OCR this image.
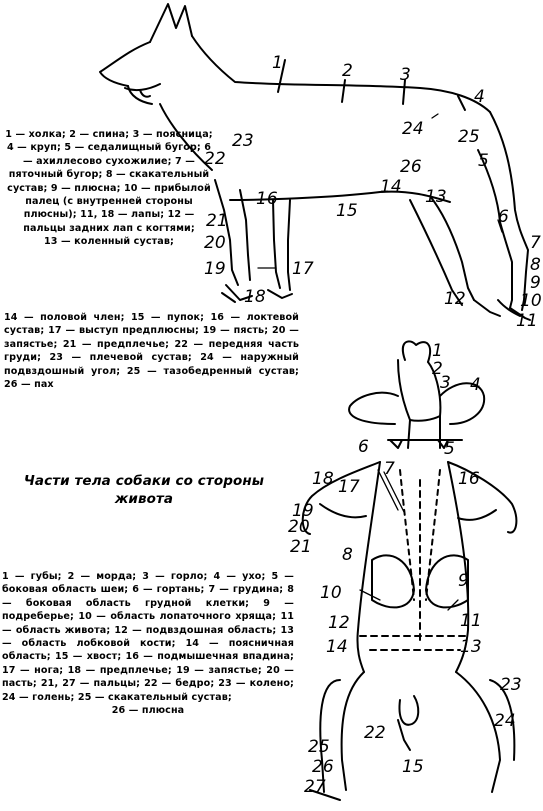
1	2	3
4
5
6
7
8
9
10
11
12
13
14
15
16
17
18
19
20
21
22
23
24 25
26
1
2
3 4
5
6
7
8
9
10
11
12
13
14
15
16
17
18
19
20
21
22
23
24
25
26
27
1 — холка; 2 — спина; 3 — поясница; 4 — круп; 5 — седалищный бугор; 6 — ахиллесово сухожилие; 7 — пяточный бугор; 8 — скакательный сустав; 9 — плюсна; 10 — прибылой палец (с внутренней стороны плюсны); 11, 18 — лапы; 12 — пальцы задних лап с когтями;
13 — коленный сустав;
14 — половой член; 15 — пупок; 16 — локтевой сустав; 17 — выступ предплюсны; 19 — пясть; 20 — запястье; 21 — предплечье; 22 — передняя часть груди; 23 — плечевой сустав; 24 — наружный подвздошный угол; 25 — тазобедренный сустав; 26 — пах
Части тела собаки со стороны живота
1 — губы; 2 — морда; 3 — горло; 4 — ухо; 5 — боковая область шеи; 6 — гортань; 7 — грудина; 8 — боковая область грудной клетки; 9 — подреберье; 10 — область лопаточного хряща; 11 — область живота; 12 — подвздошная область; 13 — область лобковой кости; 14 — поясничная область; 15 — хвост; 16 — подмышечная впадина; 17 — нога; 18 — предплечье; 19 — запястье; 20 — пасть; 21, 27 — пальцы; 22 — бедро; 23 — колено; 24 — голень; 25 — скакательный сустав;
26 — плюсна
